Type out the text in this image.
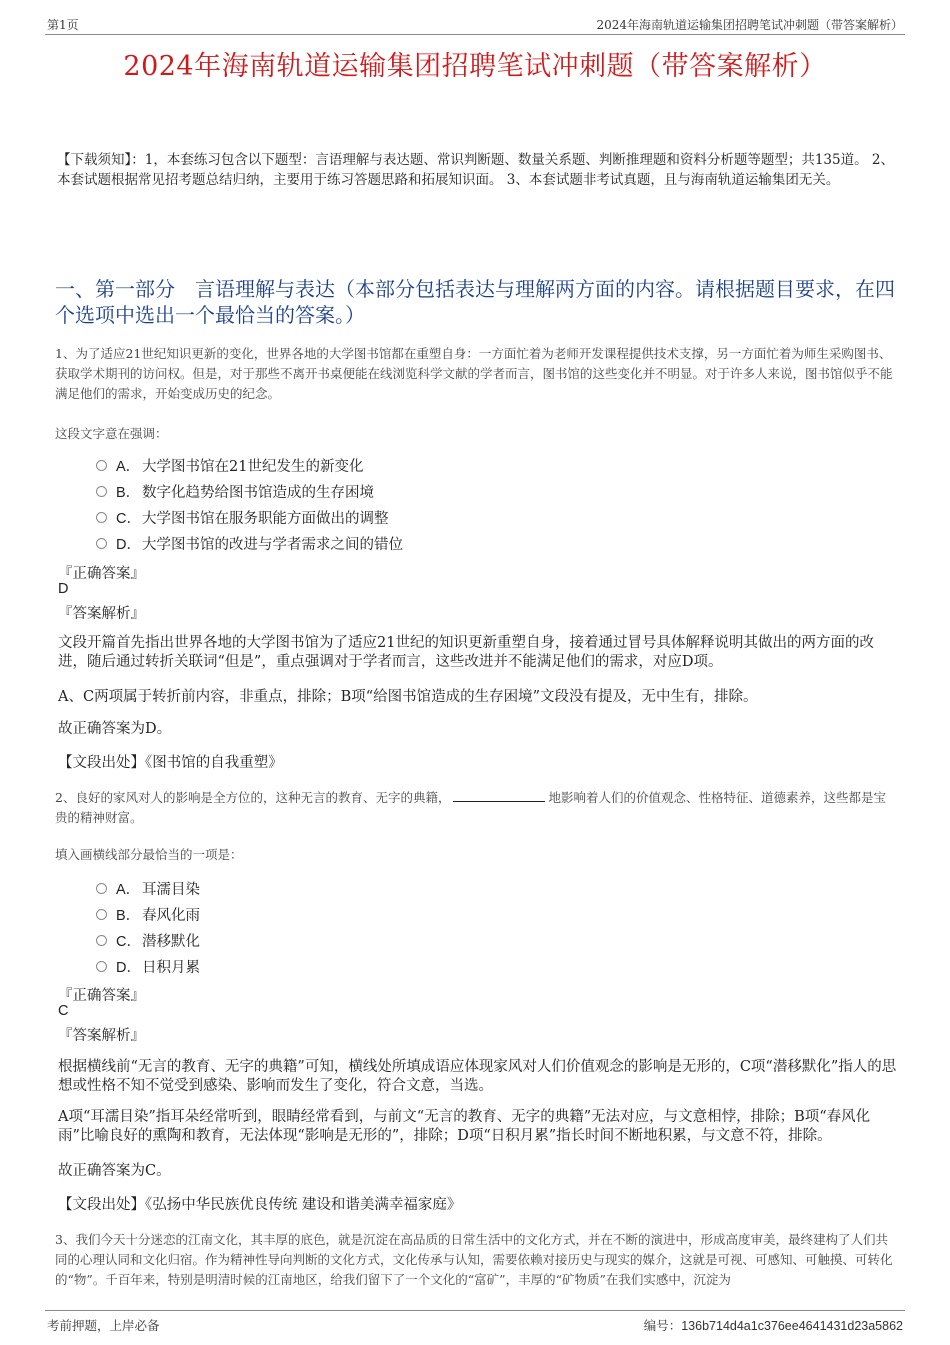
第1页	2024年海南轨道运输集团招聘笔试冲刺题（带答案解析）
2024年海南轨道运输集团招聘笔试冲刺题（带答案解析）
【下载须知】：1，本套练习包含以下题型：言语理解与表达题、常识判断题、数量关系题、判断推理题和资料分析题等题型；共135道。 2、本套试题根据常见招考题总结归纳，主要用于练习答题思路和拓展知识面。 3、本套试题非考试真题，且与海南轨道运输集团无关。
一、第一部分　言语理解与表达（本部分包括表达与理解两方面的内容。请根据题目要求，在四个选项中选出一个最恰当的答案。）
1、为了适应21世纪知识更新的变化，世界各地的大学图书馆都在重塑自身：一方面忙着为老师开发课程提供技术支撑，另一方面忙着为师生采购图书、获取学术期刊的访问权。但是，对于那些不离开书桌便能在线浏览科学文献的学者而言，图书馆的这些变化并不明显。对于许多人来说，图书馆似乎不能满足他们的需求，开始变成历史的纪念。
这段文字意在强调：
A． 大学图书馆在21世纪发生的新变化
B． 数字化趋势给图书馆造成的生存困境
C． 大学图书馆在服务职能方面做出的调整
D． 大学图书馆的改进与学者需求之间的错位
『正确答案』
D
『答案解析』
文段开篇首先指出世界各地的大学图书馆为了适应21世纪的知识更新重塑自身，接着通过冒号具体解释说明其做出的两方面的改进，随后通过转折关联词“但是”，重点强调对于学者而言，这些改进并不能满足他们的需求，对应D项。
A、C两项属于转折前内容，非重点，排除；B项“给图书馆造成的生存困境”文段没有提及，无中生有，排除。
故正确答案为D。
【文段出处】《图书馆的自我重塑》
2、良好的家风对人的影响是全方位的，这种无言的教育、无字的典籍，	地影响着人们的价值观念、性格特征、道德素养，这些都是宝贵的精神财富。
填入画横线部分最恰当的一项是：
A． 耳濡目染
B． 春风化雨
C． 潜移默化
D． 日积月累
『正确答案』
C
『答案解析』
根据横线前“无言的教育、无字的典籍”可知，横线处所填成语应体现家风对人们价值观念的影响是无形的，C项“潜移默化”指人的思想或性格不知不觉受到感染、影响而发生了变化，符合文意，当选。
A项“耳濡目染”指耳朵经常听到，眼睛经常看到，与前文“无言的教育、无字的典籍”无法对应，与文意相悖，排除；B项“春风化雨”比喻良好的熏陶和教育，无法体现“影响是无形的”，排除；D项“日积月累”指长时间不断地积累，与文意不符，排除。
故正确答案为C。
【文段出处】《弘扬中华民族优良传统 建设和谐美满幸福家庭》
3、我们今天十分迷恋的江南文化，其丰厚的底色，就是沉淀在高品质的日常生活中的文化方式，并在不断的演进中，形成高度审美，最终建构了人们共同的心理认同和文化归宿。作为精神性导向判断的文化方式，文化传承与认知，需要依赖对接历史与现实的媒介，这就是可视、可感知、可触摸、可转化的“物”。千百年来，特别是明清时候的江南地区，给我们留下了一个文化的“富矿”，丰厚的“矿物质”在我们实感中，沉淀为
考前押题，上岸必备	编号：136b714d4a1c376ee4641431d23a5862
